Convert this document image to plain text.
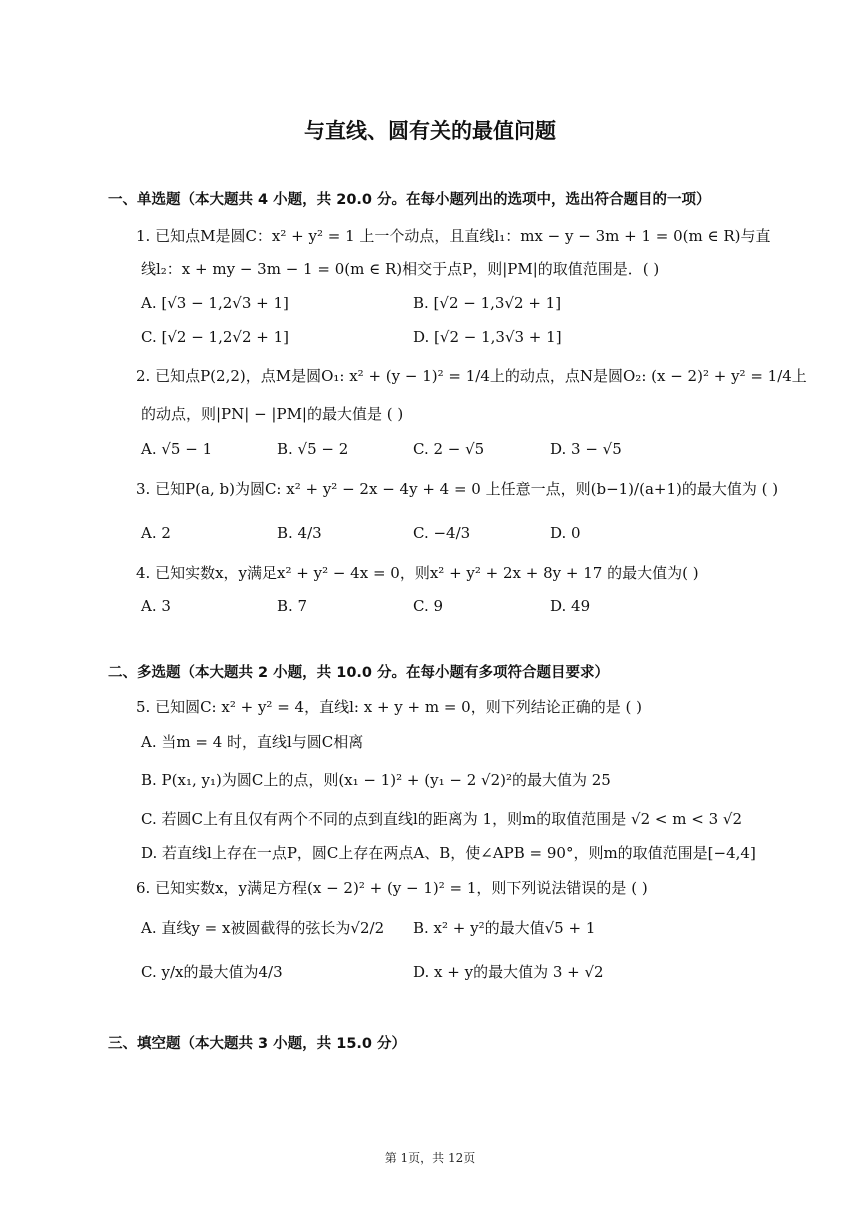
与直线、圆有关的最值问题
一、单选题（本大题共 4 小题，共 20.0 分。在每小题列出的选项中，选出符合题目的一项）
1. 已知点M是圆C：x² + y² = 1 上一个动点，且直线l₁：mx − y − 3m + 1 = 0(m ∈ R)与直
线l₂：x + my − 3m − 1 = 0(m ∈ R)相交于点P，则|PM|的取值范围是．( )
A. [√3 − 1,2√3 + 1]	B. [√2 − 1,3√2 + 1]
C. [√2 − 1,2√2 + 1]	D. [√2 − 1,3√3 + 1]
2. 已知点P(2,2)，点M是圆O₁: x² + (y − 1)² = 1/4上的动点，点N是圆O₂: (x − 2)² + y² = 1/4上
的动点，则|PN| − |PM|的最大值是 ( )
A. √5 − 1	B. √5 − 2	C. 2 − √5	D. 3 − √5
3. 已知P(a, b)为圆C: x² + y² − 2x − 4y + 4 = 0 上任意一点，则(b−1)/(a+1)的最大值为 ( )
A. 2	B. 4/3	C. −4/3	D. 0
4. 已知实数x，y满足x² + y² − 4x = 0，则x² + y² + 2x + 8y + 17 的最大值为( )
A. 3	B. 7	C. 9	D. 49
二、多选题（本大题共 2 小题，共 10.0 分。在每小题有多项符合题目要求）
5. 已知圆C: x² + y² = 4，直线l: x + y + m = 0，则下列结论正确的是 ( )
A. 当m = 4 时，直线l与圆C相离
B. P(x₁, y₁)为圆C上的点，则(x₁ − 1)² + (y₁ − 2 √2)²的最大值为 25
C. 若圆C上有且仅有两个不同的点到直线l的距离为 1，则m的取值范围是 √2 < m < 3 √2
D. 若直线l上存在一点P，圆C上存在两点A、B，使∠APB = 90°，则m的取值范围是[−4,4]
6. 已知实数x，y满足方程(x − 2)² + (y − 1)² = 1，则下列说法错误的是 ( )
A. 直线y = x被圆截得的弦长为√2/2 B. x² + y²的最大值√5 + 1
C. y/x的最大值为4/3	D. x + y的最大值为 3 + √2
三、填空题（本大题共 3 小题，共 15.0 分）
第 1页，共 12页
